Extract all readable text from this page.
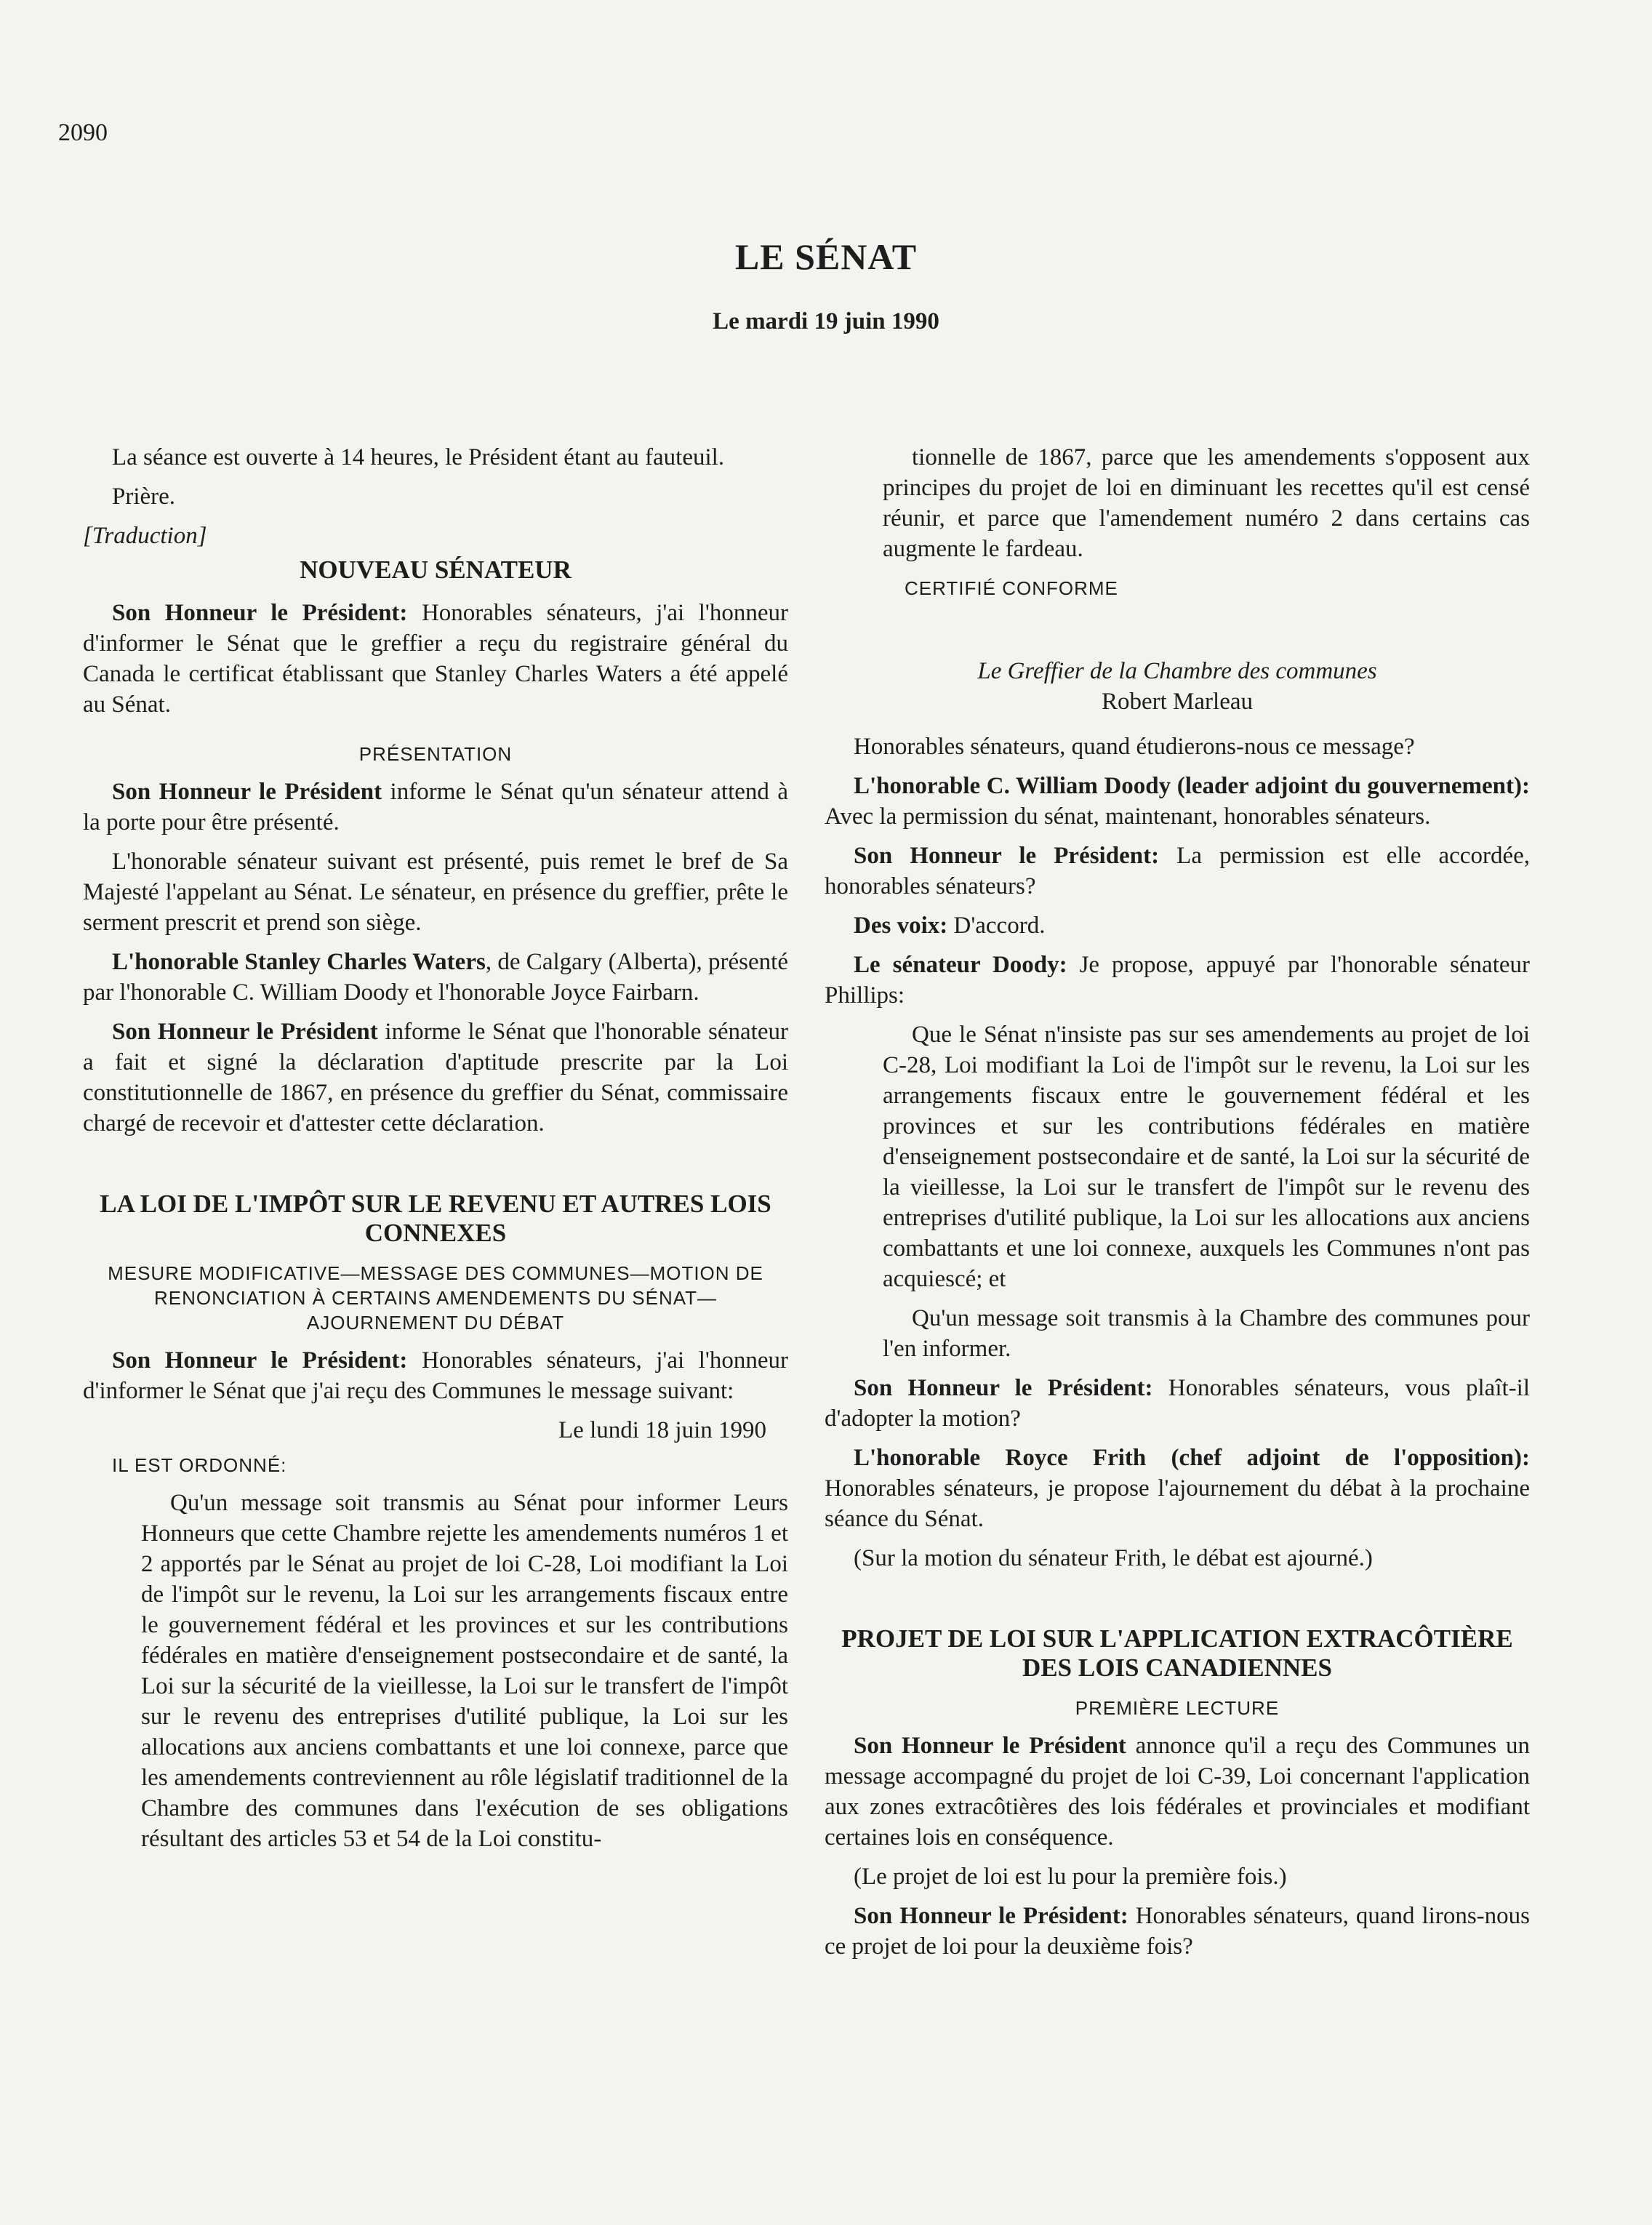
2090
LE SÉNAT
Le mardi 19 juin 1990

La séance est ouverte à 14 heures, le Président étant au fauteuil.

Prière.

[Traduction]
NOUVEAU SÉNATEUR

Son Honneur le Président: Honorables sénateurs, j'ai l'honneur d'informer le Sénat que le greffier a reçu du registraire général du Canada le certificat établissant que Stanley Charles Waters a été appelé au Sénat.

PRÉSENTATION

Son Honneur le Président informe le Sénat qu'un sénateur attend à la porte pour être présenté.

L'honorable sénateur suivant est présenté, puis remet le bref de Sa Majesté l'appelant au Sénat. Le sénateur, en présence du greffier, prête le serment prescrit et prend son siège.

L'honorable Stanley Charles Waters, de Calgary (Alberta), présenté par l'honorable C. William Doody et l'honorable Joyce Fairbarn.

Son Honneur le Président informe le Sénat que l'honorable sénateur a fait et signé la déclaration d'aptitude prescrite par la Loi constitutionnelle de 1867, en présence du greffier du Sénat, commissaire chargé de recevoir et d'attester cette déclaration.

LA LOI DE L'IMPÔT SUR LE REVENU ET AUTRES LOIS CONNEXES
MESURE MODIFICATIVE—MESSAGE DES COMMUNES—MOTION DE RENONCIATION À CERTAINS AMENDEMENTS DU SÉNAT—AJOURNEMENT DU DÉBAT

Son Honneur le Président: Honorables sénateurs, j'ai l'honneur d'informer le Sénat que j'ai reçu des Communes le message suivant:

Le lundi 18 juin 1990
IL EST ORDONNÉ:

Qu'un message soit transmis au Sénat pour informer Leurs Honneurs que cette Chambre rejette les amendements numéros 1 et 2 apportés par le Sénat au projet de loi C-28, Loi modifiant la Loi de l'impôt sur le revenu, la Loi sur les arrangements fiscaux entre le gouvernement fédéral et les provinces et sur les contributions fédérales en matière d'enseignement postsecondaire et de santé, la Loi sur la sécurité de la vieillesse, la Loi sur le transfert de l'impôt sur le revenu des entreprises d'utilité publique, la Loi sur les allocations aux anciens combattants et une loi connexe, parce que les amendements contreviennent au rôle législatif traditionnel de la Chambre des communes dans l'exécution de ses obligations résultant des articles 53 et 54 de la Loi constitu-

tionnelle de 1867, parce que les amendements s'opposent aux principes du projet de loi en diminuant les recettes qu'il est censé réunir, et parce que l'amendement numéro 2 dans certains cas augmente le fardeau.

CERTIFIÉ CONFORME
Le Greffier de la Chambre des communes
Robert Marleau

Honorables sénateurs, quand étudierons-nous ce message?

L'honorable C. William Doody (leader adjoint du gouvernement): Avec la permission du sénat, maintenant, honorables sénateurs.

Son Honneur le Président: La permission est elle accordée, honorables sénateurs?

Des voix: D'accord.

Le sénateur Doody: Je propose, appuyé par l'honorable sénateur Phillips:

Que le Sénat n'insiste pas sur ses amendements au projet de loi C-28, Loi modifiant la Loi de l'impôt sur le revenu, la Loi sur les arrangements fiscaux entre le gouvernement fédéral et les provinces et sur les contributions fédérales en matière d'enseignement postsecondaire et de santé, la Loi sur la sécurité de la vieillesse, la Loi sur le transfert de l'impôt sur le revenu des entreprises d'utilité publique, la Loi sur les allocations aux anciens combattants et une loi connexe, auxquels les Communes n'ont pas acquiescé; et

Qu'un message soit transmis à la Chambre des communes pour l'en informer.

Son Honneur le Président: Honorables sénateurs, vous plaît-il d'adopter la motion?

L'honorable Royce Frith (chef adjoint de l'opposition): Honorables sénateurs, je propose l'ajournement du débat à la prochaine séance du Sénat.

(Sur la motion du sénateur Frith, le débat est ajourné.)

PROJET DE LOI SUR L'APPLICATION EXTRACÔTIÈRE DES LOIS CANADIENNES
PREMIÈRE LECTURE

Son Honneur le Président annonce qu'il a reçu des Communes un message accompagné du projet de loi C-39, Loi concernant l'application aux zones extracôtières des lois fédérales et provinciales et modifiant certaines lois en conséquence.

(Le projet de loi est lu pour la première fois.)

Son Honneur le Président: Honorables sénateurs, quand lirons-nous ce projet de loi pour la deuxième fois?
